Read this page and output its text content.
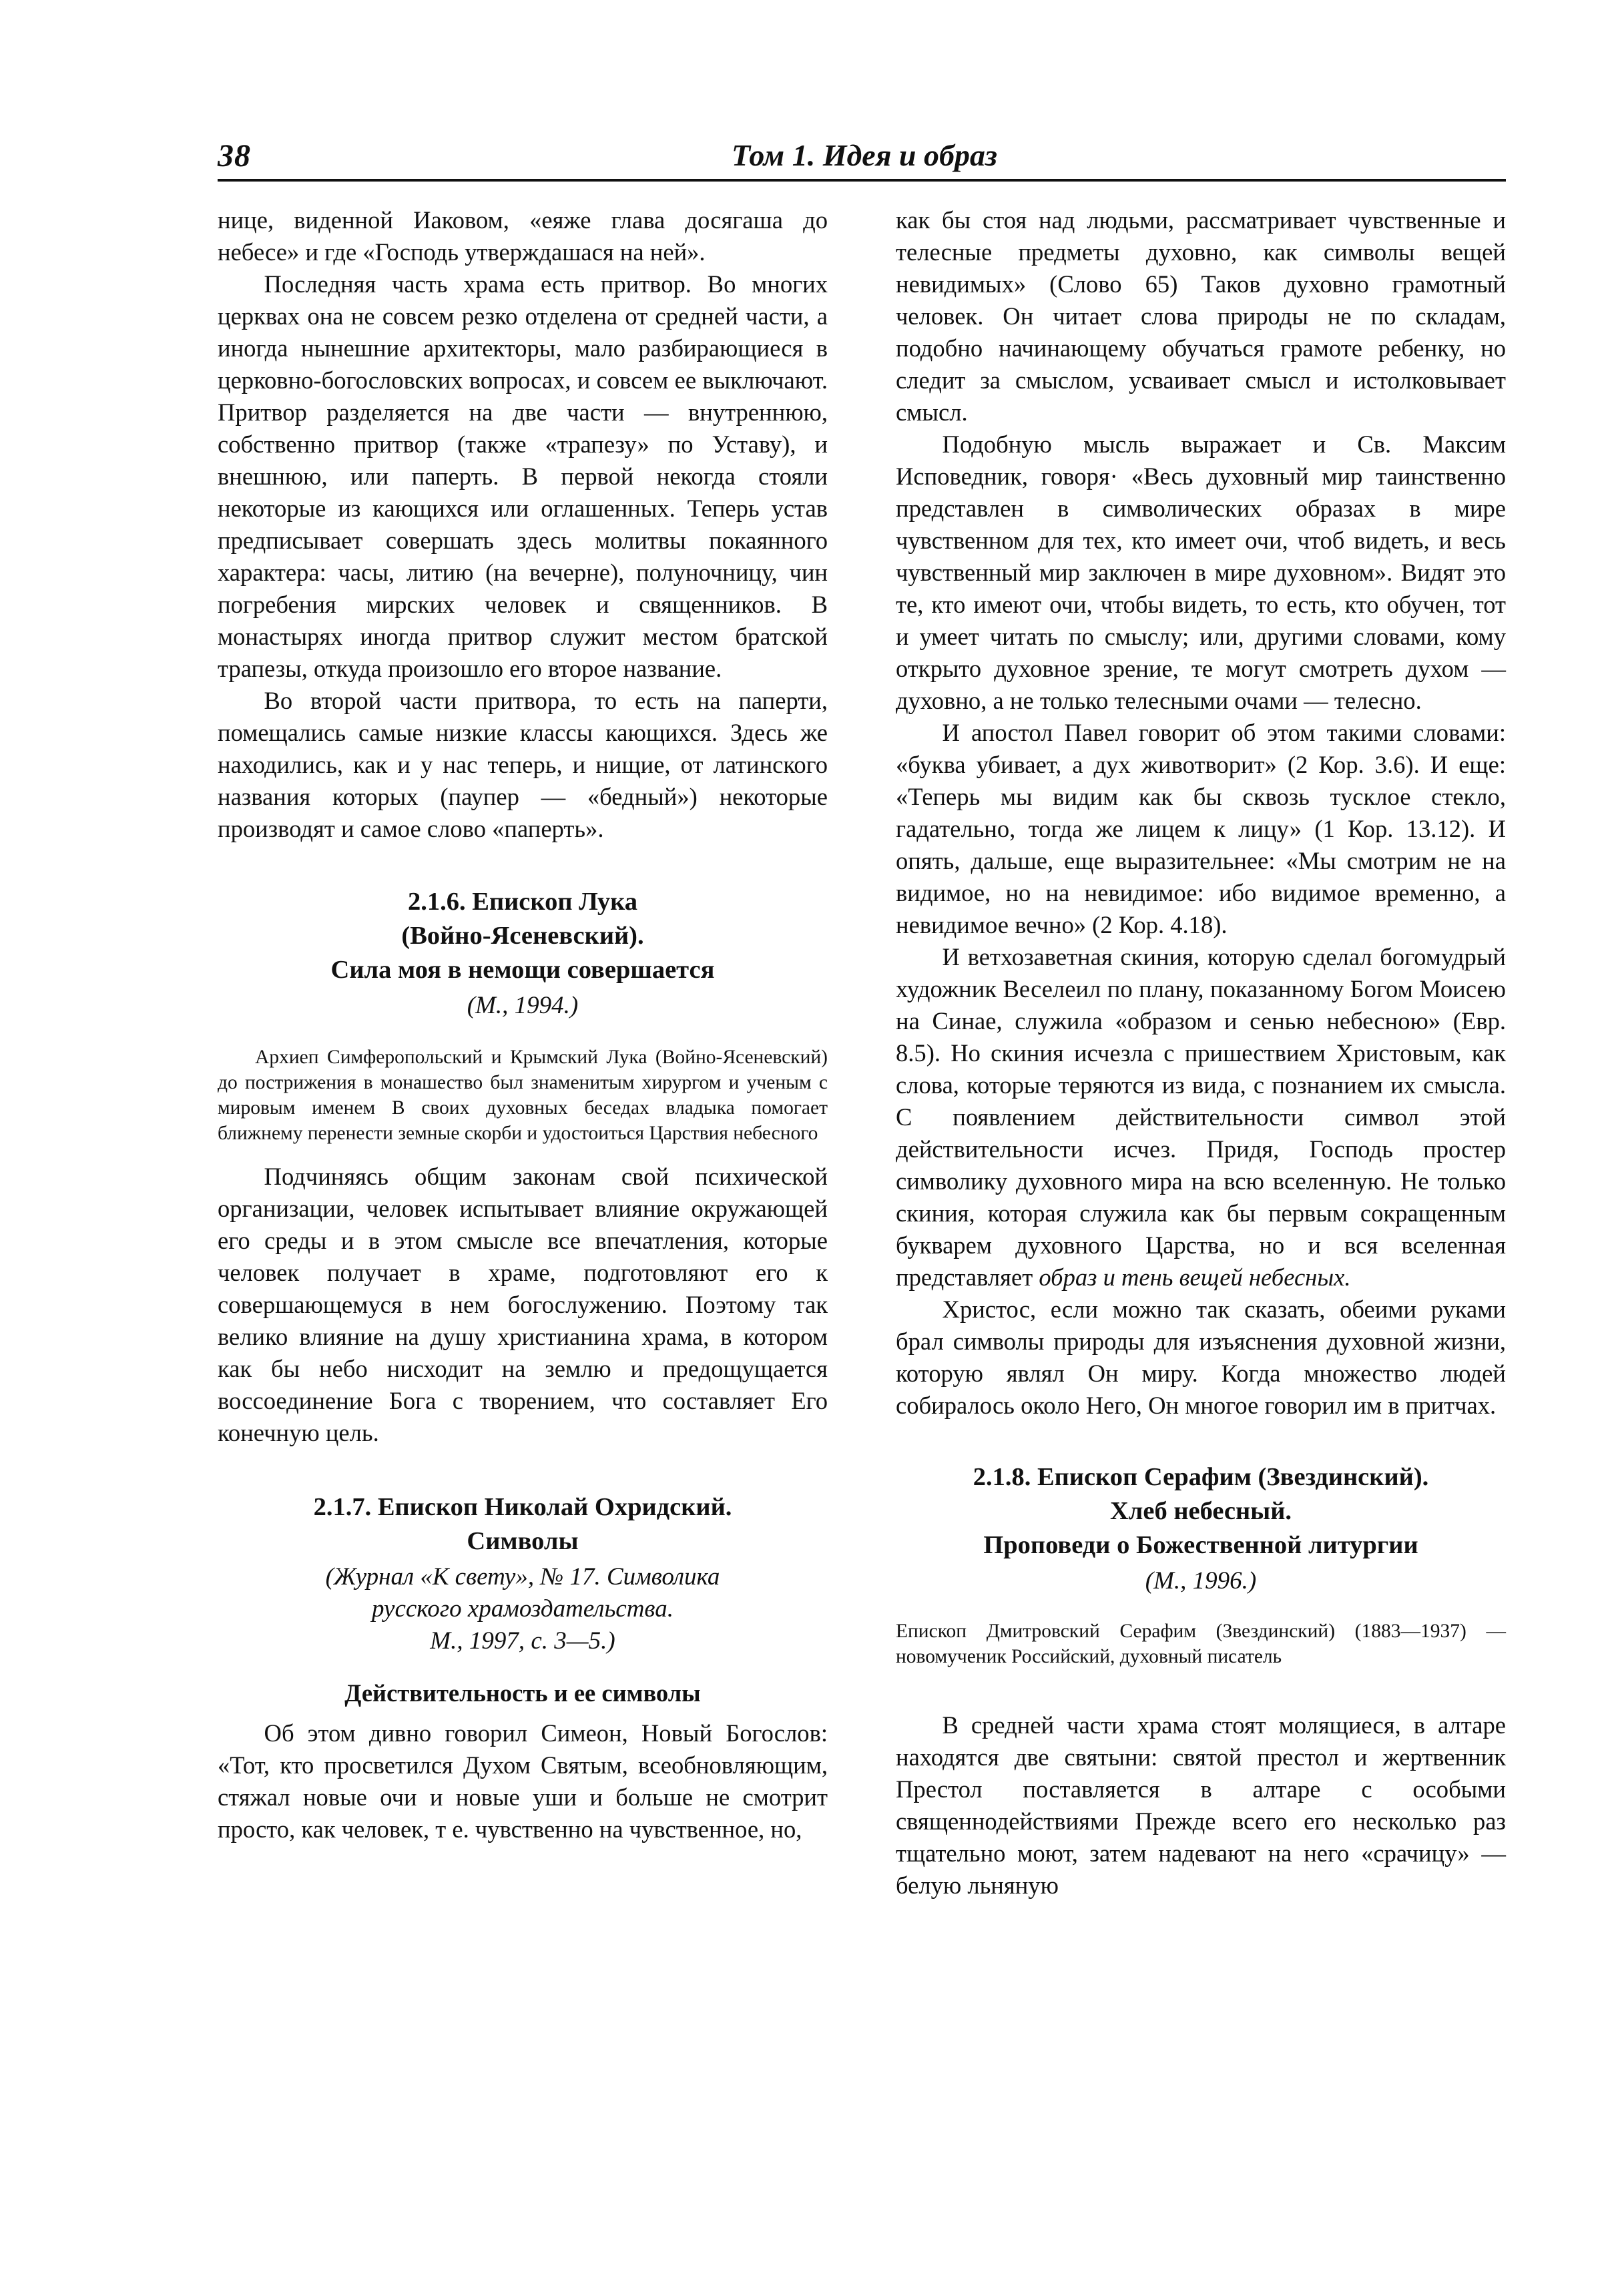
38	Том 1. Идея и образ

нице, виденной Иаковом, «еяже глава досягаша до небесе» и где «Господь утверждашася на ней».

Последняя часть храма есть притвор. Во многих церквах она не совсем резко отделена от средней части, а иногда нынешние архитекторы, мало разбирающиеся в церковно-богословских вопросах, и совсем ее выключают. Притвор разделяется на две части — внутреннюю, собственно притвор (также «трапезу» по Уставу), и внешнюю, или паперть. В первой некогда стояли некоторые из кающихся или оглашенных. Теперь устав предписывает совершать здесь молитвы покаянного характера: часы, литию (на вечерне), полуночницу, чин погребения мирских человек и священников. В монастырях иногда притвор служит местом братской трапезы, откуда произошло его второе название.

Во второй части притвора, то есть на паперти, помещались самые низкие классы кающихся. Здесь же находились, как и у нас теперь, и нищие, от латинского названия которых (паупер — «бедный») некоторые производят и самое слово «паперть».

2.1.6. Епископ Лука
(Войно-Ясеневский).
Сила моя в немощи совершается
(М., 1994.)

Архиеп Симферопольский и Крымский Лука (Войно-Ясеневский) до пострижения в монашество был знаменитым хирургом и ученым с мировым именем В своих духовных беседах владыка помогает ближнему перенести земные скорби и удостоиться Царствия небесного

Подчиняясь общим законам свой психической организации, человек испытывает влияние окружающей его среды и в этом смысле все впечатления, которые человек получает в храме, подготовляют его к совершающемуся в нем богослужению. Поэтому так велико влияние на душу христианина храма, в котором как бы небо нисходит на землю и предощущается воссоединение Бога с творением, что составляет Его конечную цель.

2.1.7. Епископ Николай Охридский.
Символы
(Журнал «К свету», № 17. Символика
русского храмоздательства.
М., 1997, с. 3—5.)
Действительность и ее символы

Об этом дивно говорил Симеон, Новый Богослов: «Тот, кто просветился Духом Святым, всеобновляющим, стяжал новые очи и новые уши и больше не смотрит просто, как человек, т е. чувственно на чувственное, но,

как бы стоя над людьми, рассматривает чувственные и телесные предметы духовно, как символы вещей невидимых» (Слово 65) Таков духовно грамотный человек. Он читает слова природы не по складам, подобно начинающему обучаться грамоте ребенку, но следит за смыслом, усваивает смысл и истолковывает смысл.

Подобную мысль выражает и Св. Максим Исповедник, говоря· «Весь духовный мир таинственно представлен в символических образах в мире чувственном для тех, кто имеет очи, чтоб видеть, и весь чувственный мир заключен в мире духовном». Видят это те, кто имеют очи, чтобы видеть, то есть, кто обучен, тот и умеет читать по смыслу; или, другими словами, кому открыто духовное зрение, те могут смотреть духом — духовно, а не только телесными очами — телесно.

И апостол Павел говорит об этом такими словами: «буква убивает, а дух животворит» (2 Кор. 3.6). И еще: «Теперь мы видим как бы сквозь тусклое стекло, гадательно, тогда же лицем к лицу» (1 Кор. 13.12). И опять, дальше, еще выразительнее: «Мы смотрим не на видимое, но на невидимое: ибо видимое временно, а невидимое вечно» (2 Кор. 4.18).

И ветхозаветная скиния, которую сделал богомудрый художник Веселеил по плану, показанному Богом Моисею на Синае, служила «образом и сенью небесною» (Евр. 8.5). Но скиния исчезла с пришествием Христовым, как слова, которые теряются из вида, с познанием их смысла. С появлением действительности символ этой действительности исчез. Придя, Господь простер символику духовного мира на всю вселенную. Не только скиния, которая служила как бы первым сокращенным букварем духовного Царства, но и вся вселенная представляет образ и тень вещей небесных.

Христос, если можно так сказать, обеими руками брал символы природы для изъяснения духовной жизни, которую являл Он миру. Когда множество людей собиралось около Него, Он многое говорил им в притчах.

2.1.8. Епископ Серафим (Звездинский).
Хлеб небесный.
Проповеди о Божественной литургии
(М., 1996.)

Епископ Дмитровский Серафим (Звездинский) (1883—1937) — новомученик Российский, духовный писатель

В средней части храма стоят молящиеся, в алтаре находятся две святыни: святой престол и жертвенник Престол поставляется в алтаре с особыми священнодействиями Прежде всего его несколько раз тщательно моют, затем надевают на него «срачицу» — белую льняную
